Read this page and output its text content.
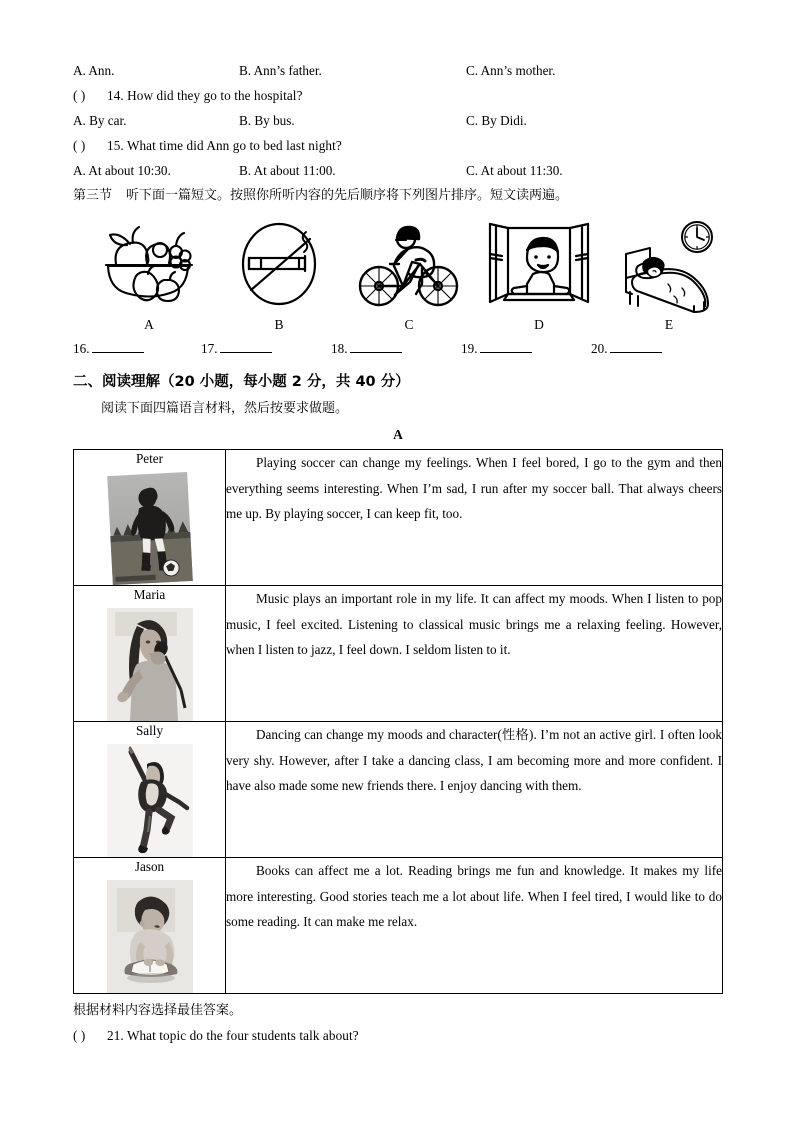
A. Ann.	B. Ann’s father.	C. Ann’s mother.
( ) 14. How did they go to the hospital?
A. By car.	B. By bus.	C. By Didi.
( ) 15. What time did Ann go to bed last night?
A. At about 10:30.	B. At about 11:00.	C. At about 11:30.
第三节 听下面一篇短文。按照你所听内容的先后顺序将下列图片排序。短文读两遍。
A	B	C	D	E
16.	17.	18.	19.	20.
二、阅读理解（20 小题，每小题 2 分，共 40 分）
阅读下面四篇语言材料，然后按要求做题。
A
Peter	Playing soccer can change my feelings. When I feel bored, I go to the gym and then everything seems interesting. When I’m sad, I run after my soccer ball. That always cheers me up. By playing soccer, I can keep fit, too.

Maria	Music plays an important role in my life. It can affect my moods. When I listen to pop music, I feel excited. Listening to classical music brings me a relaxing feeling. However, when I listen to jazz, I feel down. I seldom listen to it.

Sally	Dancing can change my moods and character(性格). I’m not an active girl. I often look very shy. However, after I take a dancing class, I am becoming more and more confident. I have also made some new friends there. I enjoy dancing with them.

Jason	Books can affect me a lot. Reading brings me fun and knowledge. It makes my life more interesting. Good stories teach me a lot about life. When I feel tired, I would like to do some reading. It can make me relax.
根据材料内容选择最佳答案。
( ) 21. What topic do the four students talk about?
